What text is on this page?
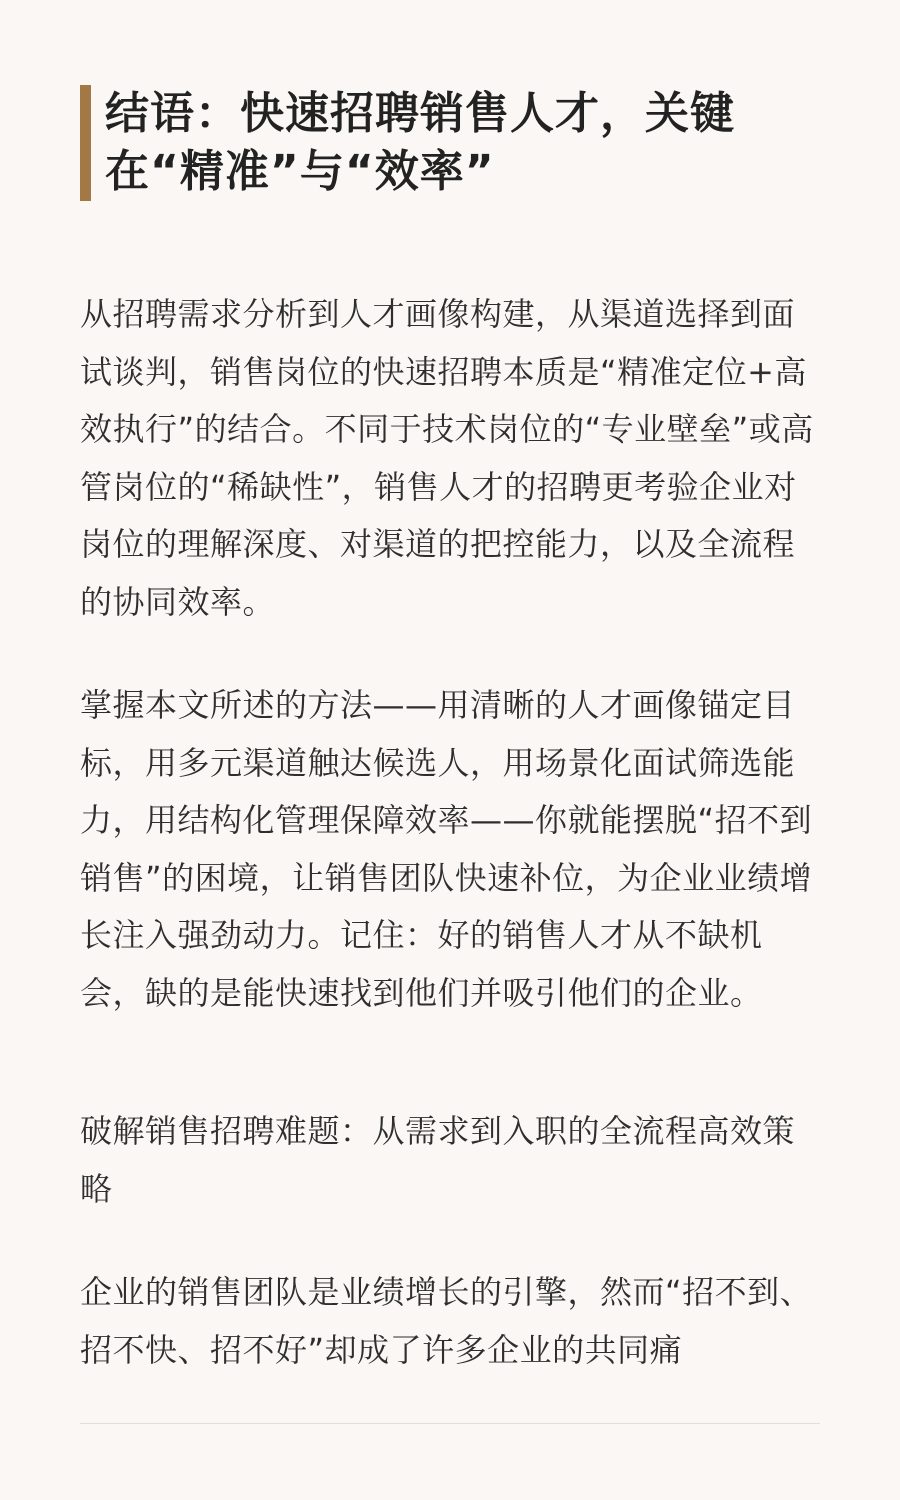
结语：快速招聘销售人才，关键在“精准”与“效率”

从招聘需求分析到人才画像构建，从渠道选择到面试谈判，销售岗位的快速招聘本质是“精准定位+高效执行”的结合。不同于技术岗位的“专业壁垒”或高管岗位的“稀缺性”，销售人才的招聘更考验企业对岗位的理解深度、对渠道的把控能力，以及全流程的协同效率。

掌握本文所述的方法——用清晰的人才画像锚定目标，用多元渠道触达候选人，用场景化面试筛选能力，用结构化管理保障效率——你就能摆脱“招不到销售”的困境，让销售团队快速补位，为企业业绩增长注入强劲动力。记住：好的销售人才从不缺机会，缺的是能快速找到他们并吸引他们的企业。

破解销售招聘难题：从需求到入职的全流程高效策略

企业的销售团队是业绩增长的引擎，然而“招不到、招不快、招不好”却成了许多企业的共同痛
